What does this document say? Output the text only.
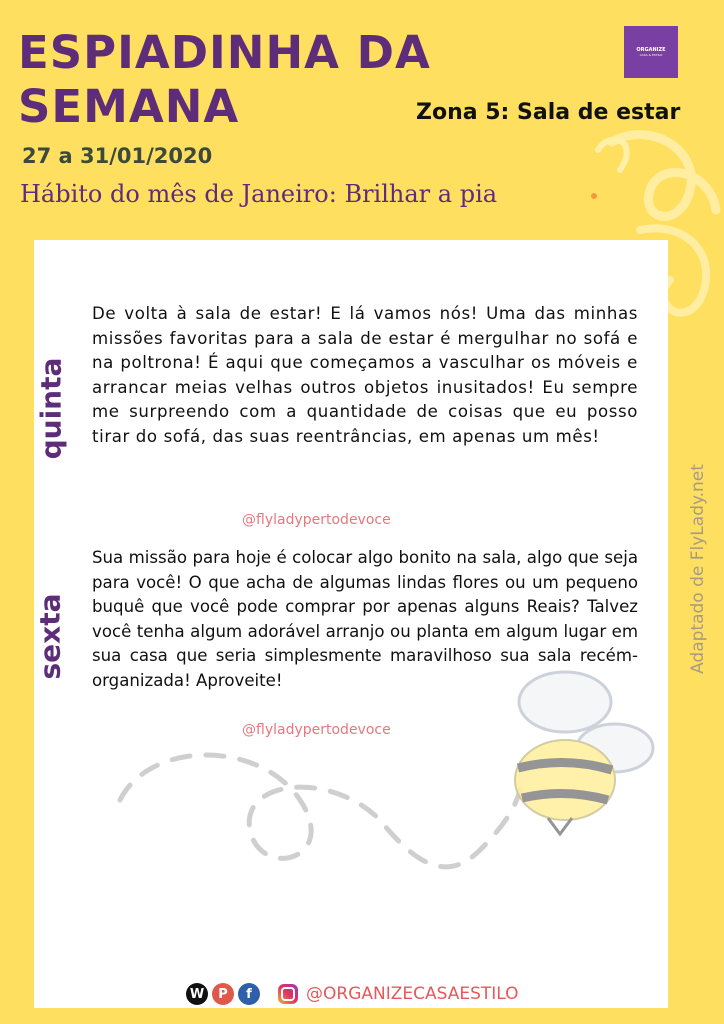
ESPIADINHA DA
SEMANA
ORGANIZE
CASA & ESTILO
Zona 5: Sala de estar
27 a 31/01/2020
Hábito do mês de Janeiro: Brilhar a pia
quinta

De volta à sala de estar! E lá vamos nós! Uma das minhas missões favoritas para a sala de estar é mergulhar no sofá e na poltrona! É aqui que começamos a vasculhar os móveis e arrancar meias velhas outros objetos inusitados! Eu sempre me surpreendo com a quantidade de coisas que eu posso tirar do sofá, das suas reentrâncias, em apenas um mês!

@flyladypertodevoce
sexta

Sua missão para hoje é colocar algo bonito na sala, algo que seja para você! O que acha de algumas lindas flores ou um pequeno buquê que você pode comprar por apenas alguns Reais? Talvez você tenha algum adorável arranjo ou planta em algum lugar em sua casa que seria simplesmente maravilhoso sua sala recém-organizada! Aproveite!

@flyladypertodevoce
Adaptado de FlyLady.net
W	P	f	@ORGANIZECASAESTILO
